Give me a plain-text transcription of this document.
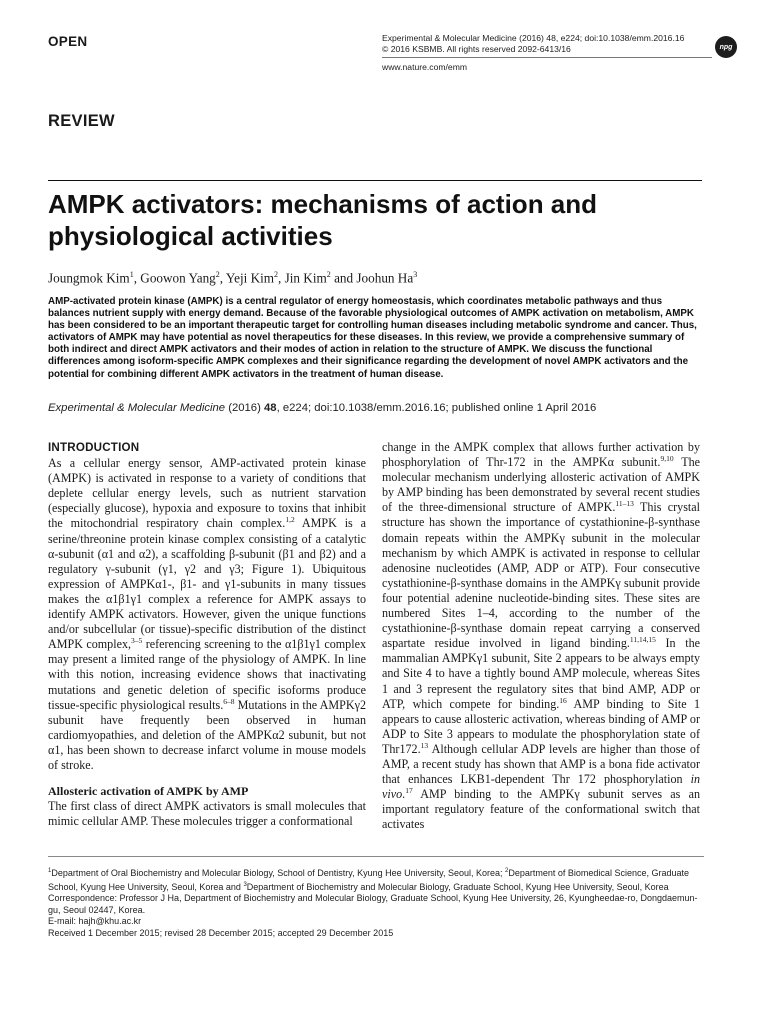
OPEN	Experimental & Molecular Medicine (2016) 48, e224; doi:10.1038/emm.2016.16
© 2016 KSBMB. All rights reserved 2092-6413/16
www.nature.com/emm
npg
REVIEW
AMPK activators: mechanisms of action and physiological activities
Joungmok Kim$^1$, Goowon Yang$^2$, Yeji Kim$^2$, Jin Kim$^2$ and Joohun Ha$^3$

AMP-activated protein kinase (AMPK) is a central regulator of energy homeostasis, which coordinates metabolic pathways and thus balances nutrient supply with energy demand. Because of the favorable physiological outcomes of AMPK activation on metabolism, AMPK has been considered to be an important therapeutic target for controlling human diseases including metabolic syndrome and cancer. Thus, activators of AMPK may have potential as novel therapeutics for these diseases. In this review, we provide a comprehensive summary of both indirect and direct AMPK activators and their modes of action in relation to the structure of AMPK. We discuss the functional differences among isoform-specific AMPK complexes and their significance regarding the development of novel AMPK activators and the potential for combining different AMPK activators in the treatment of human disease.

Experimental & Molecular Medicine (2016) 48, e224; doi:10.1038/emm.2016.16; published online 1 April 2016
INTRODUCTION

As a cellular energy sensor, AMP-activated protein kinase (AMPK) is activated in response to a variety of conditions that deplete cellular energy levels, such as nutrient starvation (especially glucose), hypoxia and exposure to toxins that inhibit the mitochondrial respiratory chain complex.$^{1,2}$ AMPK is a serine/threonine protein kinase complex consisting of a catalytic α-subunit (α1 and α2), a scaffolding β-subunit (β1 and β2) and a regulatory γ-subunit (γ1, γ2 and γ3; Figure 1). Ubiquitous expression of AMPKα1-, β1- and γ1-subunits in many tissues makes the α1β1γ1 complex a reference for AMPK assays to identify AMPK activators. However, given the unique functions and/or subcellular (or tissue)-specific distribution of the distinct AMPK complex,$^{3-5}$ referencing screening to the α1β1γ1 complex may present a limited range of the physiology of AMPK. In line with this notion, increasing evidence shows that inactivating mutations and genetic deletion of specific isoforms produce tissue-specific physiological results.$^{6-8}$ Mutations in the AMPKγ2 subunit have frequently been observed in human cardiomyopathies, and deletion of the AMPKα2 subunit, but not α1, has been shown to decrease infarct volume in mouse models of stroke.

Allosteric activation of AMPK by AMP

The first class of direct AMPK activators is small molecules that mimic cellular AMP. These molecules trigger a conformational

change in the AMPK complex that allows further activation by phosphorylation of Thr-172 in the AMPKα subunit.$^{9,10}$ The molecular mechanism underlying allosteric activation of AMPK by AMP binding has been demonstrated by several recent studies of the three-dimensional structure of AMPK.$^{11-13}$ This crystal structure has shown the importance of cystathionine-β-synthase domain repeats within the AMPKγ subunit in the molecular mechanism by which AMPK is activated in response to cellular adenosine nucleotides (AMP, ADP or ATP). Four consecutive cystathionine-β-synthase domains in the AMPKγ subunit provide four potential adenine nucleotide-binding sites. These sites are numbered Sites 1–4, according to the number of the cystathionine-β-synthase domain repeat carrying a conserved aspartate residue involved in ligand binding.$^{11,14,15}$ In the mammalian AMPKγ1 subunit, Site 2 appears to be always empty and Site 4 to have a tightly bound AMP molecule, whereas Sites 1 and 3 represent the regulatory sites that bind AMP, ADP or ATP, which compete for binding.$^{16}$ AMP binding to Site 1 appears to cause allosteric activation, whereas binding of AMP or ADP to Site 3 appears to modulate the phosphorylation state of Thr172.13 Although cellular ADP levels are higher than those of AMP, a recent study has shown that AMP is a bona fide activator that enhances LKB1-dependent Thr 172 phosphorylation in vivo.$^{17}$ AMP binding to the AMPKγ subunit serves as an important regulatory feature of the conformational switch that activates

$^1$Department of Oral Biochemistry and Molecular Biology, School of Dentistry, Kyung Hee University, Seoul, Korea; $^2$Department of Biomedical Science, Graduate School, Kyung Hee University, Seoul, Korea and $^3$Department of Biochemistry and Molecular Biology, Graduate School, Kyung Hee University, Seoul, Korea
Correspondence: Professor J Ha, Department of Biochemistry and Molecular Biology, Graduate School, Kyung Hee University, 26, Kyungheedae-ro, Dongdaemun-gu, Seoul 02447, Korea.
E-mail: hajh@khu.ac.kr
Received 1 December 2015; revised 28 December 2015; accepted 29 December 2015
